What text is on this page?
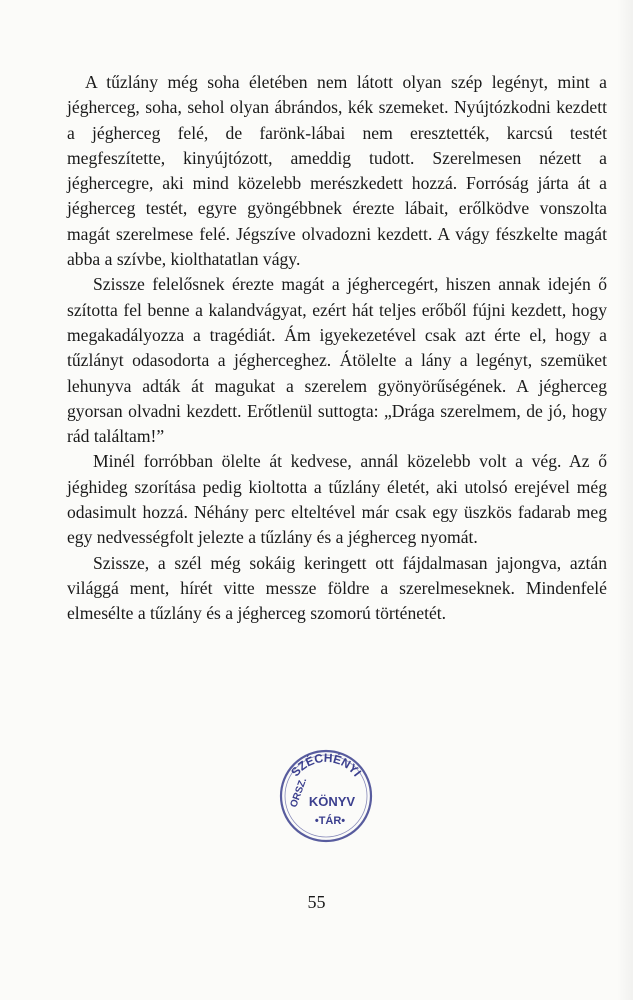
A tűzlány még soha életében nem látott olyan szép legényt, mint a jégherceg, soha, sehol olyan ábrándos, kék szemeket. Nyújtózkodni kezdett a jégherceg felé, de farönk-lábai nem eresztették, karcsú testét megfeszítette, kinyújtózott, ameddig tudott. Szerelmesen nézett a jéghercegre, aki mind közelebb merészkedett hozzá. Forróság járta át a jégherceg testét, egyre gyöngébbnek érezte lábait, erőlködve vonszolta magát szerelmese felé. Jégszíve olvadozni kezdett. A vágy fészkelte magát abba a szívbe, kiolthatatlan vágy.

Szissze felelősnek érezte magát a jéghercegért, hiszen annak idején ő szította fel benne a kalandvágyat, ezért hát teljes erőből fújni kezdett, hogy megakadályozza a tragédiát. Ám igyekezetével csak azt érte el, hogy a tűzlányt odasodorta a jégherceghez. Átölelte a lány a legényt, szemüket lehunyva adták át magukat a szerelem gyönyörűségének. A jégherceg gyorsan olvadni kezdett. Erőtlenül suttogta: „Drága szerelmem, de jó, hogy rád találtam!”

Minél forróbban ölelte át kedvese, annál közelebb volt a vég. Az ő jéghideg szorítása pedig kioltotta a tűzlány életét, aki utolsó erejével még odasimult hozzá. Néhány perc elteltével már csak egy üszkös fadarab meg egy nedvességfolt jelezte a tűzlány és a jégherceg nyomát.

Szissze, a szél még sokáig keringett ott fájdalmasan jajongva, aztán világgá ment, hírét vitte messze földre a szerelmeseknek. Mindenfelé elmesélte a tűzlány és a jégherceg szomorú történetét.

SZÉCHÉNYI
ORSZ. KÖNYV
•TÁR•
55
